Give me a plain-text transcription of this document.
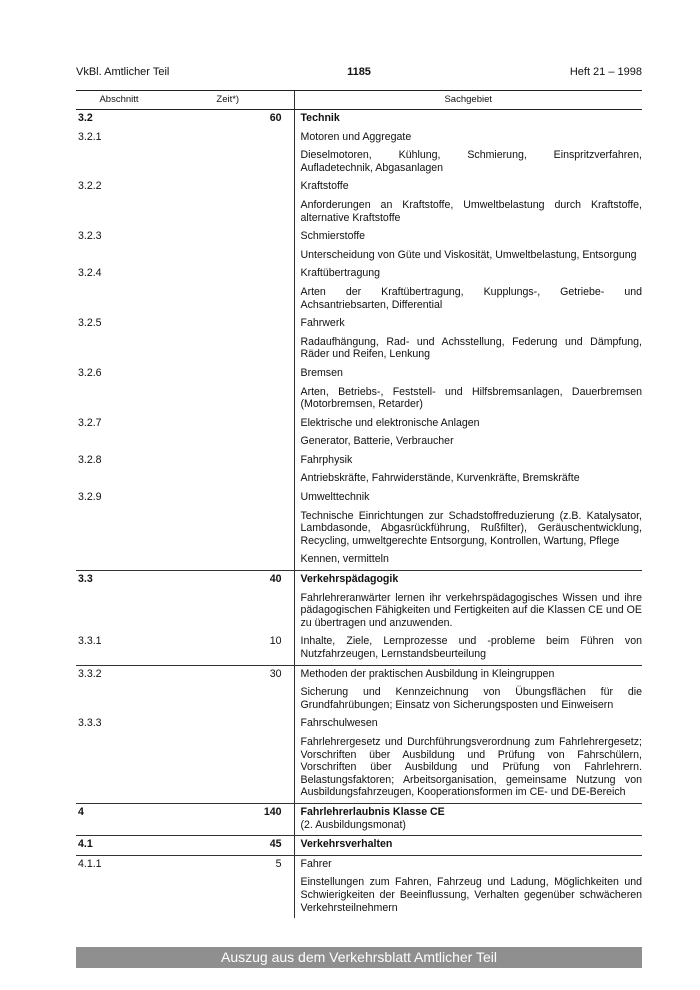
VkBl. Amtlicher Teil	1185	Heft 21 – 1998
Abschnitt	Zeit*)	Sachgebiet
3.2	60	Technik
3.2.1		Motoren und Aggregate
		Dieselmotoren, Kühlung, Schmierung, Einspritzverfahren, Aufladetechnik, Abgasanlagen
3.2.2		Kraftstoffe
		Anforderungen an Kraftstoffe, Umweltbelastung durch Kraftstoffe, alternative Kraftstoffe
3.2.3		Schmierstoffe
		Unterscheidung von Güte und Viskosität, Umweltbelastung, Entsorgung
3.2.4		Kraftübertragung
		Arten der Kraftübertragung, Kupplungs-, Getriebe- und Achsantriebsarten, Differential
3.2.5		Fahrwerk
		Radaufhängung, Rad- und Achsstellung, Federung und Dämpfung, Räder und Reifen, Lenkung
3.2.6		Bremsen
		Arten, Betriebs-, Feststell- und Hilfsbremsanlagen, Dauerbremsen (Motorbremsen, Retarder)
3.2.7		Elektrische und elektronische Anlagen
		Generator, Batterie, Verbraucher
3.2.8		Fahrphysik
		Antriebskräfte, Fahrwiderstände, Kurvenkräfte, Bremskräfte
3.2.9		Umwelttechnik
		Technische Einrichtungen zur Schadstoffreduzierung (z.B. Katalysator, Lambdasonde, Abgasrückführung, Rußfilter), Geräuschentwicklung, Recycling, umweltgerechte Entsorgung, Kontrollen, Wartung, Pflege
		Kennen, vermitteln
3.3	40	Verkehrspädagogik
		Fahrlehreranwärter lernen ihr verkehrspädagogisches Wissen und ihre pädagogischen Fähigkeiten und Fertigkeiten auf die Klassen CE und OE zu übertragen und anzuwenden.
3.3.1	10	Inhalte, Ziele, Lernprozesse und -probleme beim Führen von Nutzfahrzeugen, Lernstandsbeurteilung
3.3.2	30	Methoden der praktischen Ausbildung in Kleingruppen
		Sicherung und Kennzeichnung von Übungsflächen für die Grundfahrübungen; Einsatz von Sicherungsposten und Einweisern
3.3.3		Fahrschulwesen
		Fahrlehrergesetz und Durchführungsverordnung zum Fahrlehrergesetz; Vorschriften über Ausbildung und Prüfung von Fahrschülern, Vorschriften über Ausbildung und Prüfung von Fahrlehrern. Belastungsfaktoren; Arbeitsorganisation, gemeinsame Nutzung von Ausbildungsfahrzeugen, Kooperationsformen im CE- und DE-Bereich
4	140	Fahrlehrerlaubnis Klasse CE
(2. Ausbildungsmonat)

4.1	45	Verkehrsverhalten
4.1.1	5	Fahrer
		Einstellungen zum Fahren, Fahrzeug und Ladung, Möglichkeiten und Schwierigkeiten der Beeinflussung, Verhalten gegenüber schwächeren Verkehrsteilnehmern
Auszug aus dem Verkehrsblatt Amtlicher Teil
